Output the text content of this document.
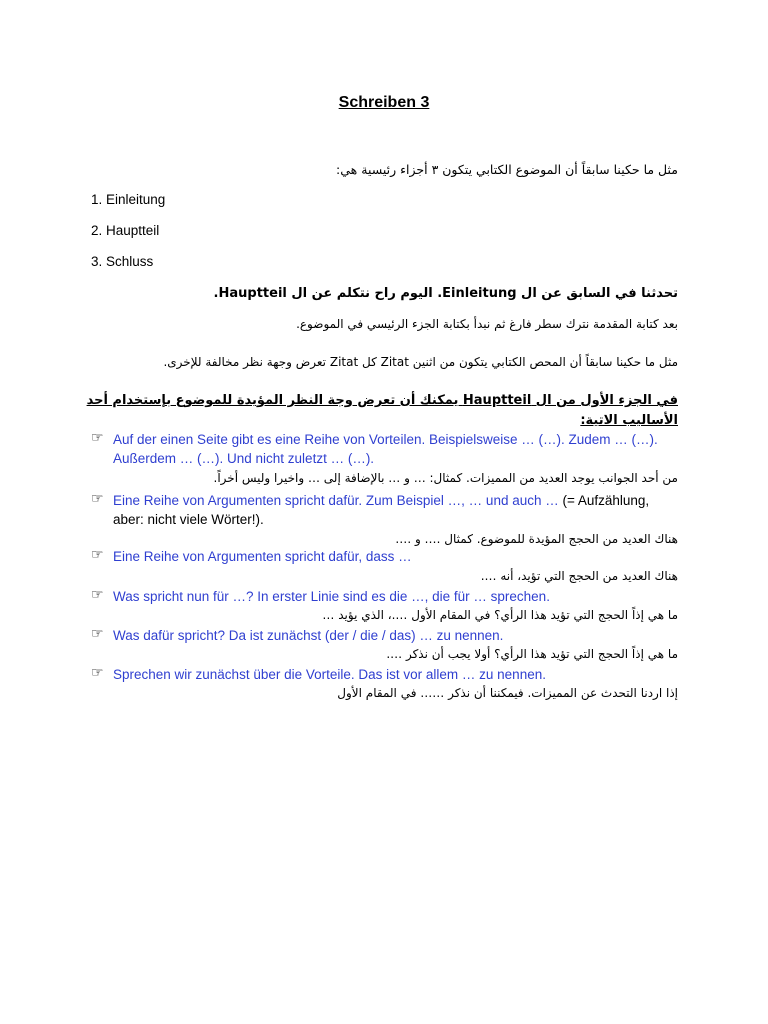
Schreiben 3
مثل ما حكينا سابقاً أن الموضوع الكتابي يتكون ٣ أجزاء رئيسية هي:
1. Einleitung
2. Hauptteil
3. Schluss
تحدثنا في السابق عن ال Einleitung. اليوم راح نتكلم عن ال Hauptteil.
بعد كتابة المقدمة نترك سطر فارغ ثم نبدأ بكتابة الجزء الرئيسي في الموضوع.
مثل ما حكينا سابقاً أن المحص الكتابي يتكون من اثنين Zitat كل Zitat تعرض وجهة نظر مخالفة للإخرى.
في الجزء الأول من ال Hauptteil يمكنك أن تعرض وجة النظر المؤيدة للموضوع بإستخدام أحد الأساليب الاتية:
☞ Auf der einen Seite gibt es eine Reihe von Vorteilen. Beispielsweise … (…). Zudem … (…). Außerdem … (…). Und nicht zuletzt … (…).
من أحد الجوانب يوجد العديد من المميزات. كمثال: … و … بالإضافة إلى … واخيرا وليس أخراً.
☞ Eine Reihe von Argumenten spricht dafür. Zum Beispiel …, … und auch … (= Aufzählung, aber: nicht viele Wörter!).
هناك العديد من الحجج المؤيدة للموضوع. كمثال …. و ….
☞ Eine Reihe von Argumenten spricht dafür, dass …
هناك العديد من الحجج التي تؤيد، أنه ….
☞ Was spricht nun für …? In erster Linie sind es die …, die für … sprechen.
ما هي إذاً الحجج التي تؤيد هذا الرأي؟ في المقام الأول ….، الذي يؤيد …
☞ Was dafür spricht? Da ist zunächst (der / die / das) … zu nennen.
ما هي إذاً الحجج التي تؤيد هذا الرأي؟ أولا يجب أن نذكر ….
☞ Sprechen wir zunächst über die Vorteile. Das ist vor allem … zu nennen.
إذا اردنا التحدث عن المميزات. فيمكننا أن نذكر …… في المقام الأول
